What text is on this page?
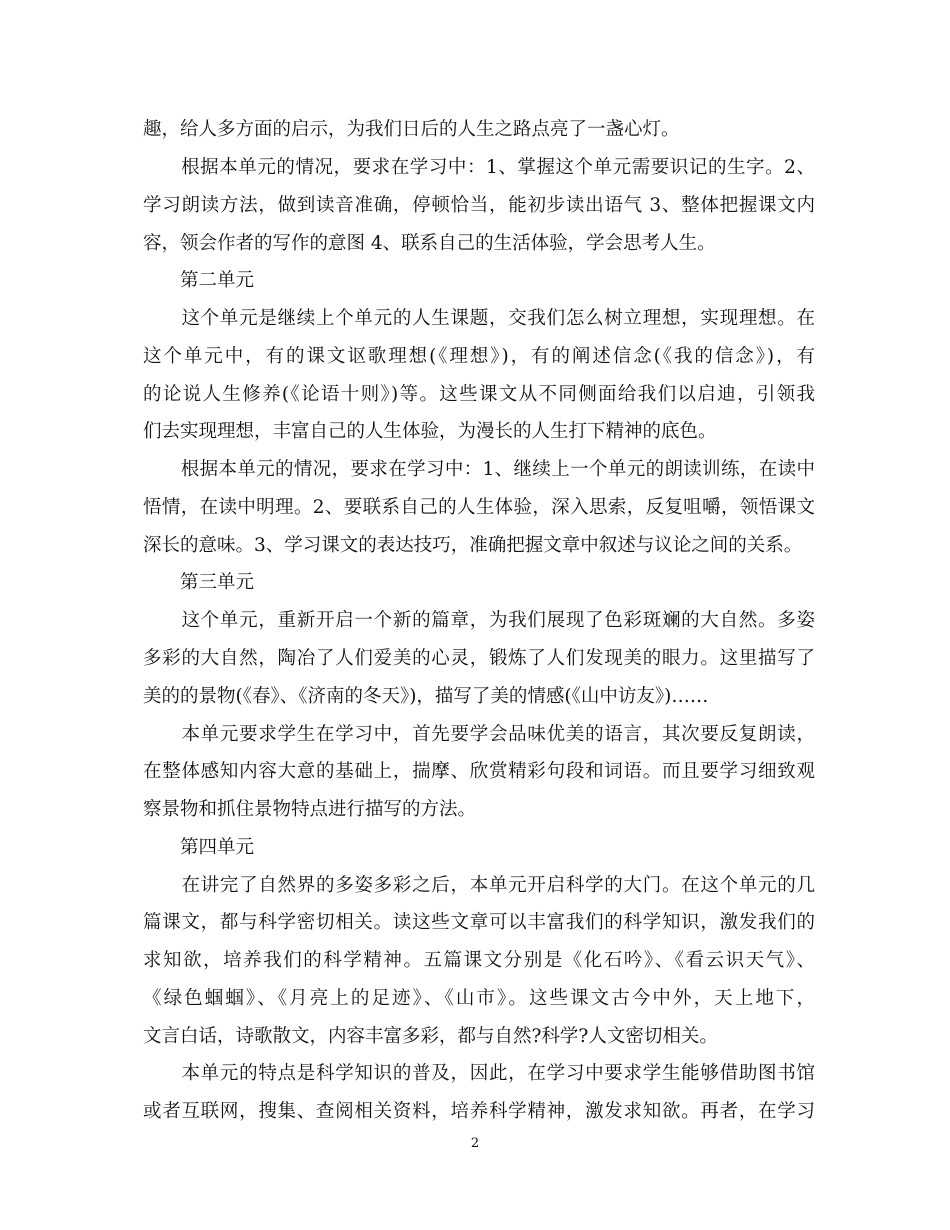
趣，给人多方面的启示，为我们日后的人生之路点亮了一盏心灯。
　　根据本单元的情况，要求在学习中：1、掌握这个单元需要识记的生字。2、
学习朗读方法，做到读音准确，停顿恰当，能初步读出语气 3、整体把握课文内
容，领会作者的写作的意图 4、联系自己的生活体验，学会思考人生。
　　第二单元
　　这个单元是继续上个单元的人生课题，交我们怎么树立理想，实现理想。在
这个单元中，有的课文讴歌理想(《理想》)，有的阐述信念(《我的信念》)，有
的论说人生修养(《论语十则》)等。这些课文从不同侧面给我们以启迪，引领我
们去实现理想，丰富自己的人生体验，为漫长的人生打下精神的底色。
　　根据本单元的情况，要求在学习中：1、继续上一个单元的朗读训练，在读中
悟情，在读中明理。2、要联系自己的人生体验，深入思索，反复咀嚼，领悟课文
深长的意味。3、学习课文的表达技巧，准确把握文章中叙述与议论之间的关系。
　　第三单元
　　这个单元，重新开启一个新的篇章，为我们展现了色彩斑斓的大自然。多姿
多彩的大自然，陶冶了人们爱美的心灵，锻炼了人们发现美的眼力。这里描写了
美的的景物(《春》、《济南的冬天》)，描写了美的情感(《山中访友》)……
　　本单元要求学生在学习中，首先要学会品味优美的语言，其次要反复朗读，
在整体感知内容大意的基础上，揣摩、欣赏精彩句段和词语。而且要学习细致观
察景物和抓住景物特点进行描写的方法。
　　第四单元
　　在讲完了自然界的多姿多彩之后，本单元开启科学的大门。在这个单元的几
篇课文，都与科学密切相关。读这些文章可以丰富我们的科学知识，激发我们的
求知欲，培养我们的科学精神。五篇课文分别是《化石吟》、《看云识天气》、
《绿色蝈蝈》、《月亮上的足迹》、《山市》。这些课文古今中外，天上地下，
文言白话，诗歌散文，内容丰富多彩，都与自然?科学?人文密切相关。
　　本单元的特点是科学知识的普及，因此，在学习中要求学生能够借助图书馆
或者互联网，搜集、查阅相关资料，培养科学精神，激发求知欲。再者，在学习
2
